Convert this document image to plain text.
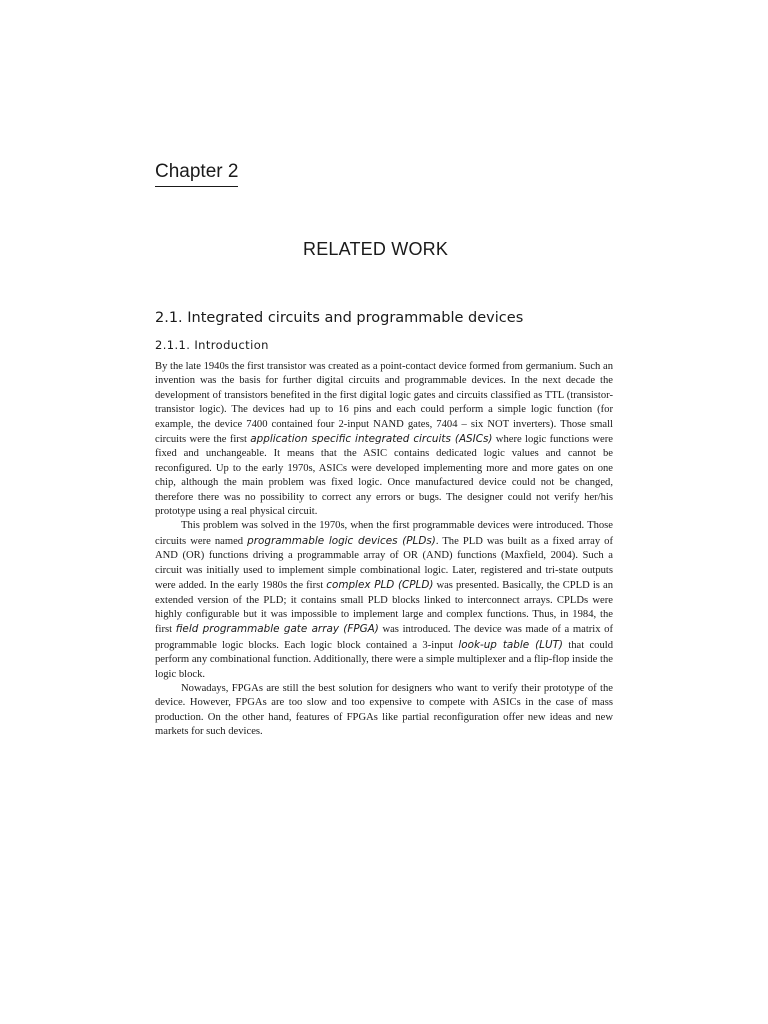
Chapter 2
RELATED WORK
2.1. Integrated circuits and programmable devices
2.1.1. Introduction

By the late 1940s the first transistor was created as a point-contact device formed from germanium. Such an invention was the basis for further digital circuits and programmable devices. In the next decade the development of transistors benefited in the first digital logic gates and circuits classified as TTL (transistor-transistor logic). The devices had up to 16 pins and each could perform a simple logic function (for example, the device 7400 contained four 2-input NAND gates, 7404 – six NOT inverters). Those small circuits were the first application specific integrated circuits (ASICs) where logic functions were fixed and unchangeable. It means that the ASIC contains dedicated logic values and cannot be reconfigured. Up to the early 1970s, ASICs were developed implementing more and more gates on one chip, although the main problem was fixed logic. Once manufactured device could not be changed, therefore there was no possibility to correct any errors or bugs. The designer could not verify her/his prototype using a real physical circuit.

This problem was solved in the 1970s, when the first programmable devices were introduced. Those circuits were named programmable logic devices (PLDs). The PLD was built as a fixed array of AND (OR) functions driving a programmable array of OR (AND) functions (Maxfield, 2004). Such a circuit was initially used to implement simple combinational logic. Later, registered and tri-state outputs were added. In the early 1980s the first complex PLD (CPLD) was presented. Basically, the CPLD is an extended version of the PLD; it contains small PLD blocks linked to interconnect arrays. CPLDs were highly configurable but it was impossible to implement large and complex functions. Thus, in 1984, the first field programmable gate array (FPGA) was introduced. The device was made of a matrix of programmable logic blocks. Each logic block contained a 3-input look-up table (LUT) that could perform any combinational function. Additionally, there were a simple multiplexer and a flip-flop inside the logic block.

Nowadays, FPGAs are still the best solution for designers who want to verify their prototype of the device. However, FPGAs are too slow and too expensive to compete with ASICs in the case of mass production. On the other hand, features of FPGAs like partial reconfiguration offer new ideas and new markets for such devices.
